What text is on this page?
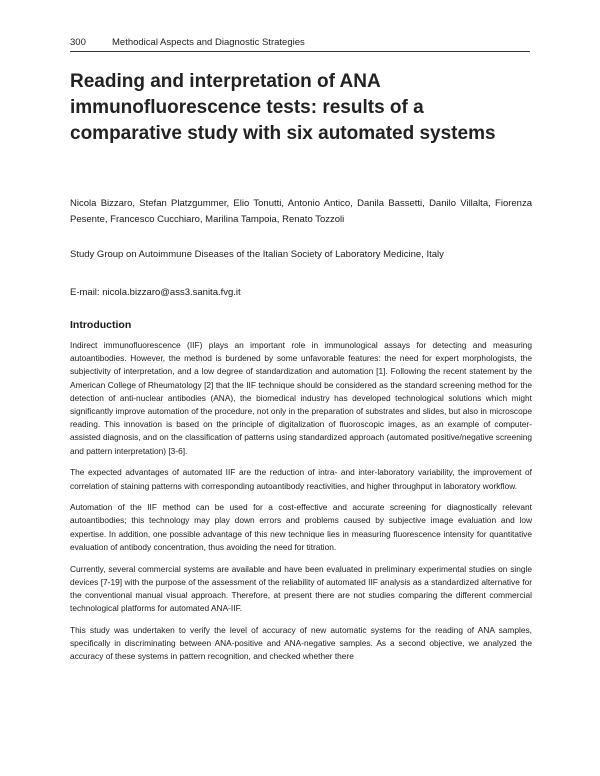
300	Methodical Aspects and Diagnostic Strategies
Reading and interpretation of ANA immunofluorescence tests: results of a comparative study with six automated systems

Nicola Bizzaro, Stefan Platzgummer, Elio Tonutti, Antonio Antico, Danila Bassetti, Danilo Villalta, Fiorenza Pesente, Francesco Cucchiaro, Marilina Tampoia, Renato Tozzoli

Study Group on Autoimmune Diseases of the Italian Society of Laboratory Medicine, Italy

E-mail: nicola.bizzaro@ass3.sanita.fvg.it

Introduction

Indirect immunofluorescence (IIF) plays an important role in immunological assays for detecting and measuring autoantibodies. However, the method is burdened by some unfavorable features: the need for expert morphologists, the subjectivity of interpretation, and a low degree of standardization and automation [1]. Following the recent statement by the American College of Rheumatology [2] that the IIF technique should be considered as the standard screening method for the detection of anti-nuclear antibodies (ANA), the biomedical industry has developed technological solutions which might significantly improve automation of the procedure, not only in the preparation of substrates and slides, but also in microscope reading. This innovation is based on the principle of digitalization of fluoroscopic images, as an example of computer-assisted diagnosis, and on the classification of patterns using standardized approach (automated positive/negative screening and pattern interpretation) [3-6].

The expected advantages of automated IIF are the reduction of intra- and inter-laboratory variability, the improvement of correlation of staining patterns with corresponding autoantibody reactivities, and higher throughput in laboratory workflow.

Automation of the IIF method can be used for a cost-effective and accurate screening for diagnostically relevant autoantibodies; this technology may play down errors and problems caused by subjective image evaluation and low expertise. In addition, one possible advantage of this new technique lies in measuring fluorescence intensity for quantitative evaluation of antibody concentration, thus avoiding the need for titration.

Currently, several commercial systems are available and have been evaluated in preliminary experimental studies on single devices [7-19] with the purpose of the assessment of the reliability of automated IIF analysis as a standardized alternative for the conventional manual visual approach. Therefore, at present there are not studies comparing the different commercial technological platforms for automated ANA-IIF.

This study was undertaken to verify the level of accuracy of new automatic systems for the reading of ANA samples, specifically in discriminating between ANA-positive and ANA-negative samples. As a second objective, we analyzed the accuracy of these systems in pattern recognition, and checked whether there
